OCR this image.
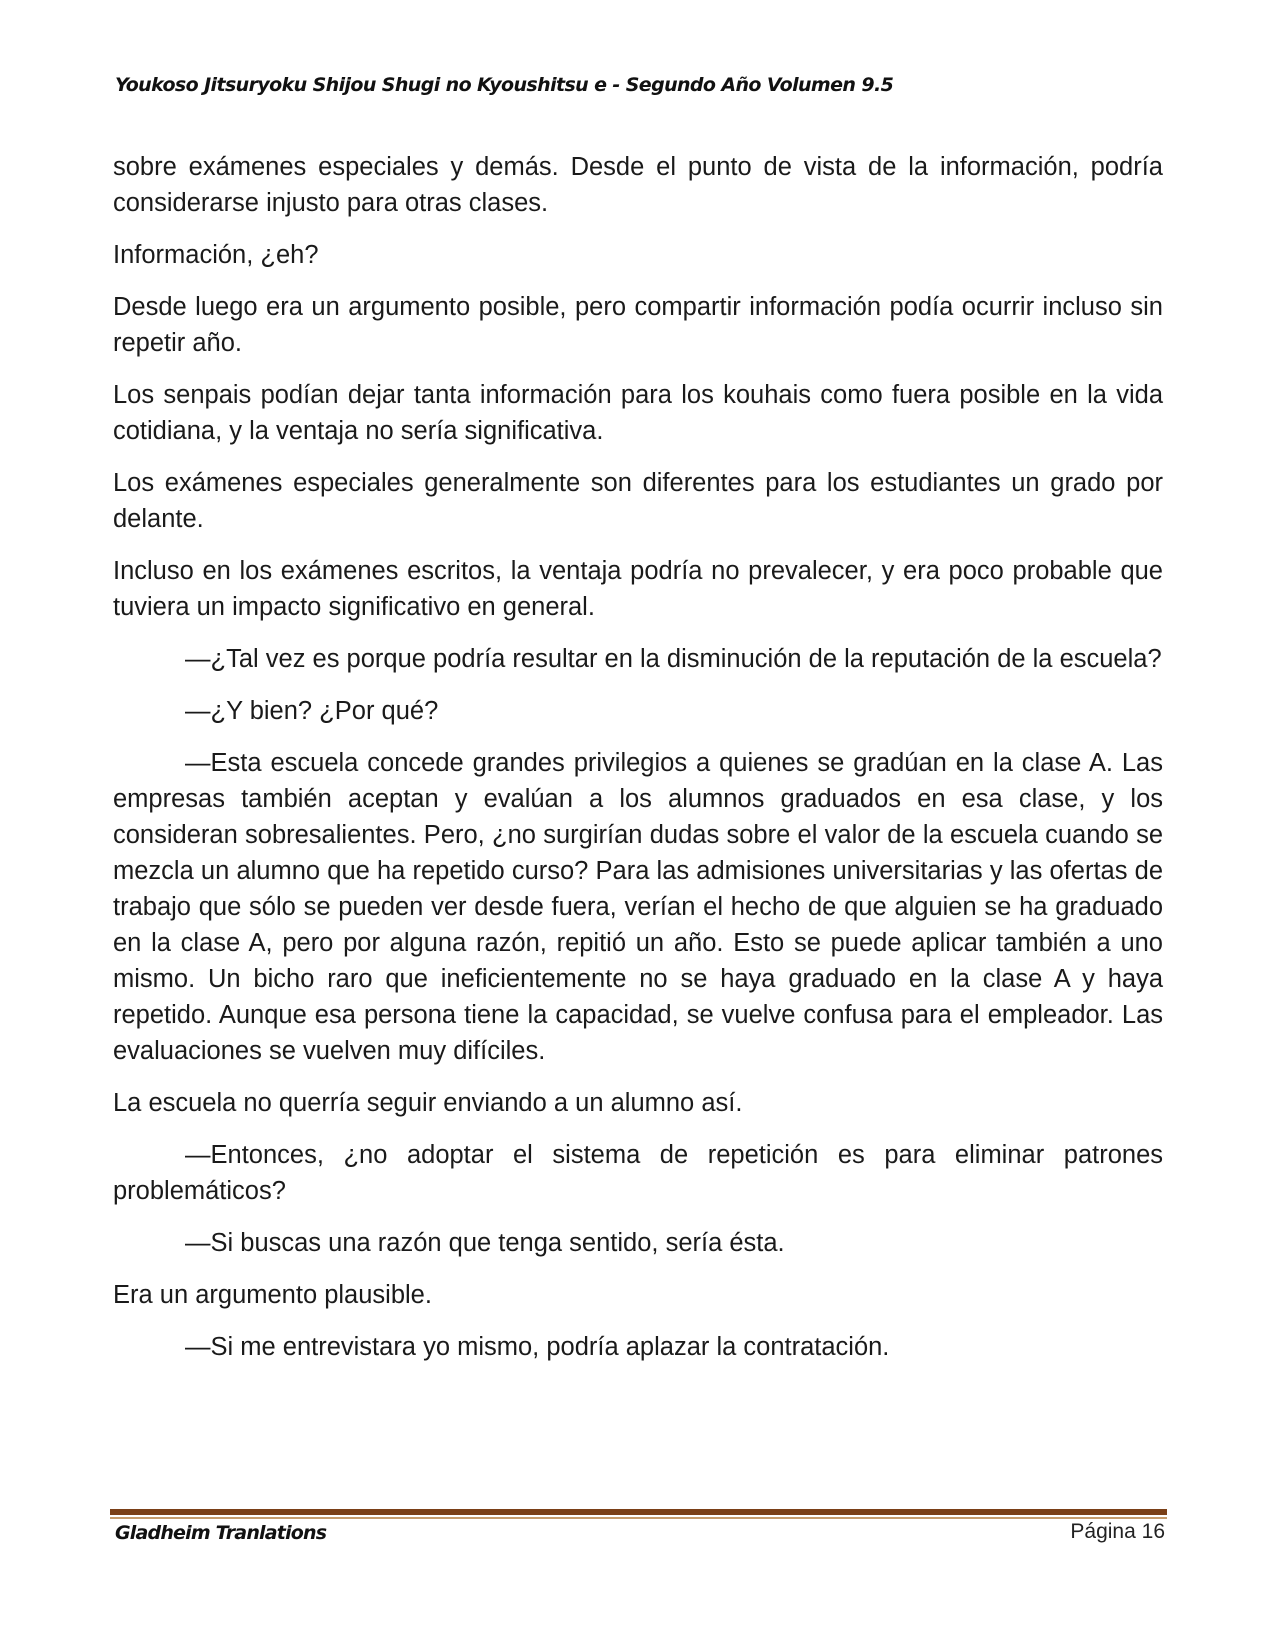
Youkoso Jitsuryoku Shijou Shugi no Kyoushitsu e - Segundo Año Volumen 9.5

sobre exámenes especiales y demás. Desde el punto de vista de la información, podría considerarse injusto para otras clases.

Información, ¿eh?

Desde luego era un argumento posible, pero compartir información podía ocurrir incluso sin repetir año.

Los senpais podían dejar tanta información para los kouhais como fuera posible en la vida cotidiana, y la ventaja no sería significativa.

Los exámenes especiales generalmente son diferentes para los estudiantes un grado por delante.

Incluso en los exámenes escritos, la ventaja podría no prevalecer, y era poco probable que tuviera un impacto significativo en general.

—¿Tal vez es porque podría resultar en la disminución de la reputación de la escuela?

—¿Y bien? ¿Por qué?

—Esta escuela concede grandes privilegios a quienes se gradúan en la clase A. Las empresas también aceptan y evalúan a los alumnos graduados en esa clase, y los consideran sobresalientes. Pero, ¿no surgirían dudas sobre el valor de la escuela cuando se mezcla un alumno que ha repetido curso? Para las admisiones universitarias y las ofertas de trabajo que sólo se pueden ver desde fuera, verían el hecho de que alguien se ha graduado en la clase A, pero por alguna razón, repitió un año. Esto se puede aplicar también a uno mismo. Un bicho raro que ineficientemente no se haya graduado en la clase A y haya repetido. Aunque esa persona tiene la capacidad, se vuelve confusa para el empleador. Las evaluaciones se vuelven muy difíciles.

La escuela no querría seguir enviando a un alumno así.

—Entonces, ¿no adoptar el sistema de repetición es para eliminar patrones problemáticos?

—Si buscas una razón que tenga sentido, sería ésta.

Era un argumento plausible.

—Si me entrevistara yo mismo, podría aplazar la contratación.

Gladheim Tranlations	Página 16
